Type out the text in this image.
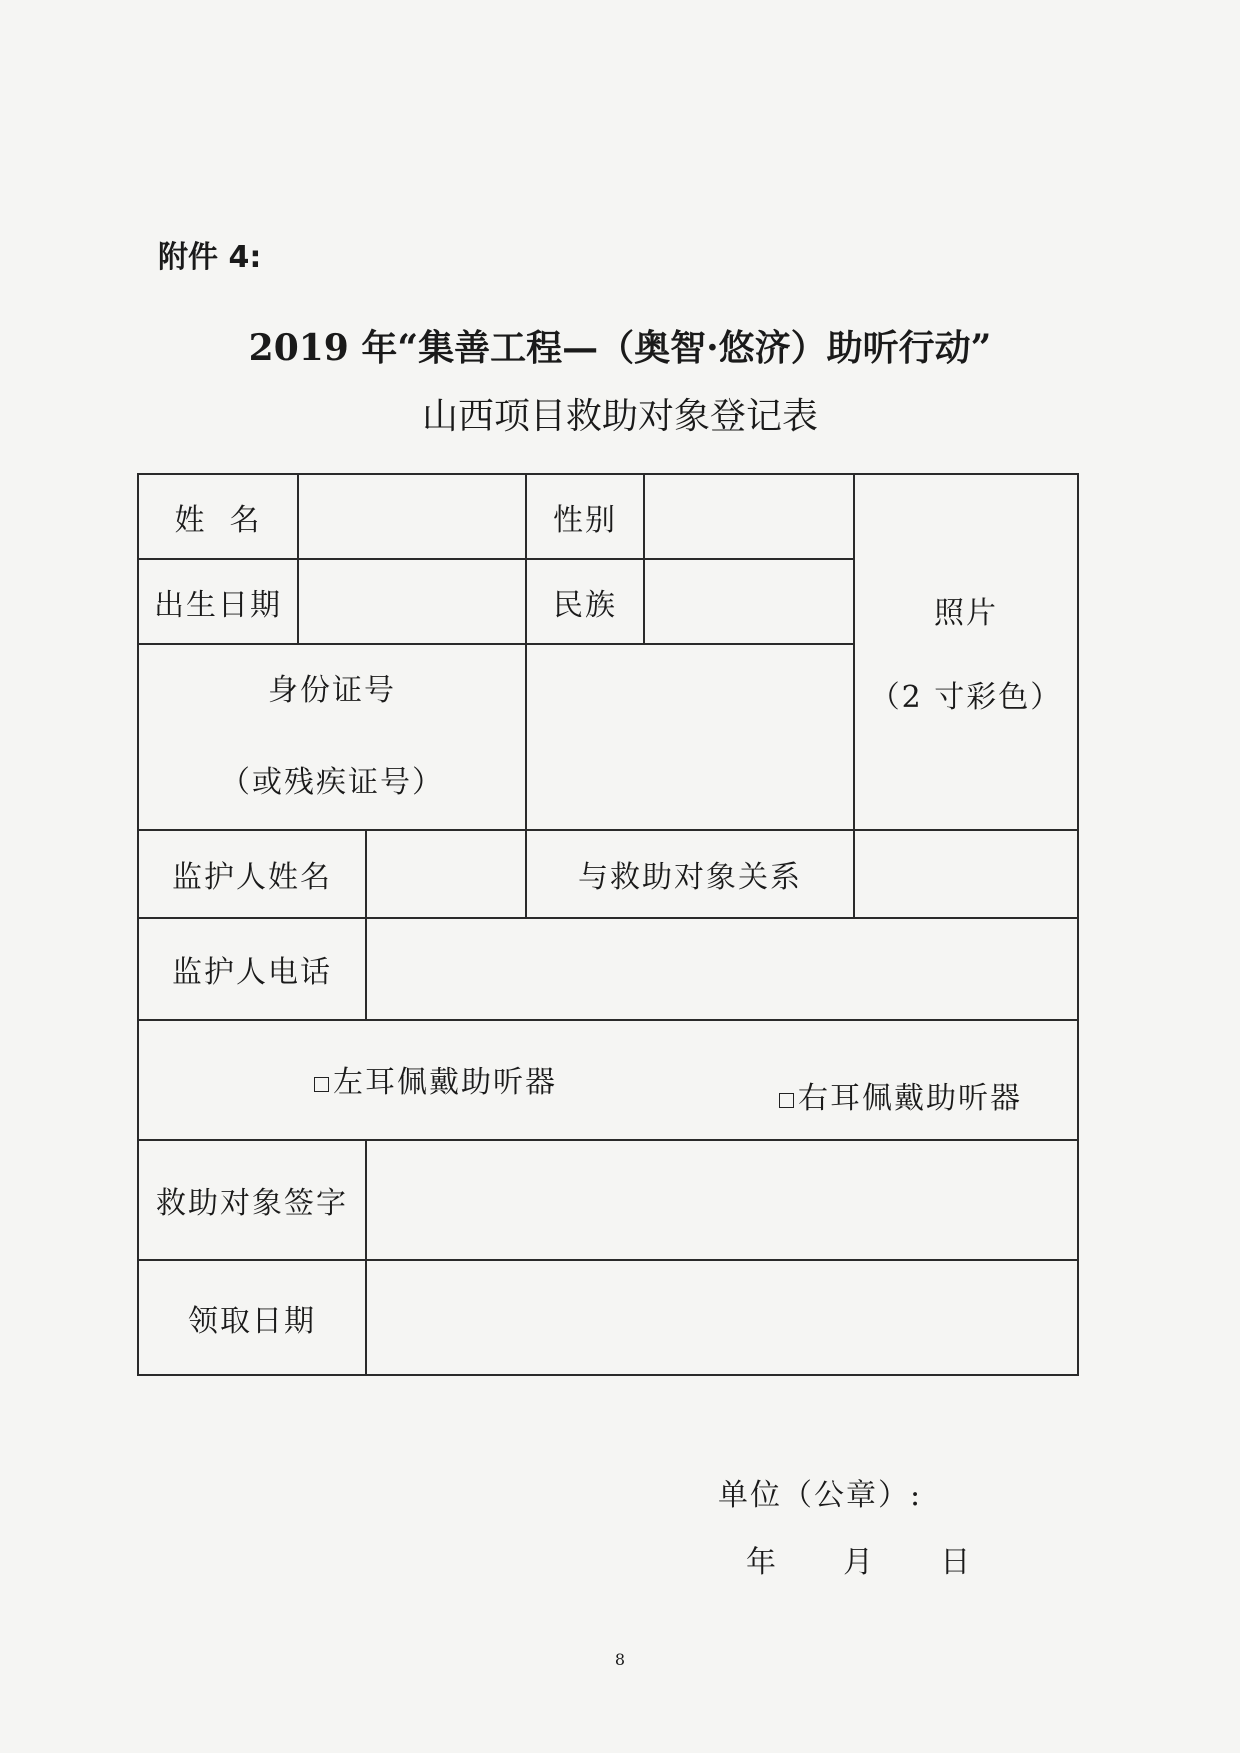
附件 4:
2019 年“集善工程—（奥智·悠济）助听行动”
山西项目救助对象登记表
姓  名			性别		照片
（2 寸彩色）

出生日期			民族		

身份证号
（或残疾证号）					

监护人姓名			与救助对象关系		
监护人电话					

左耳佩戴助听器 右耳佩戴助听器					

救助对象签字					
领取日期					
单位（公章）:
年 月 日
8
